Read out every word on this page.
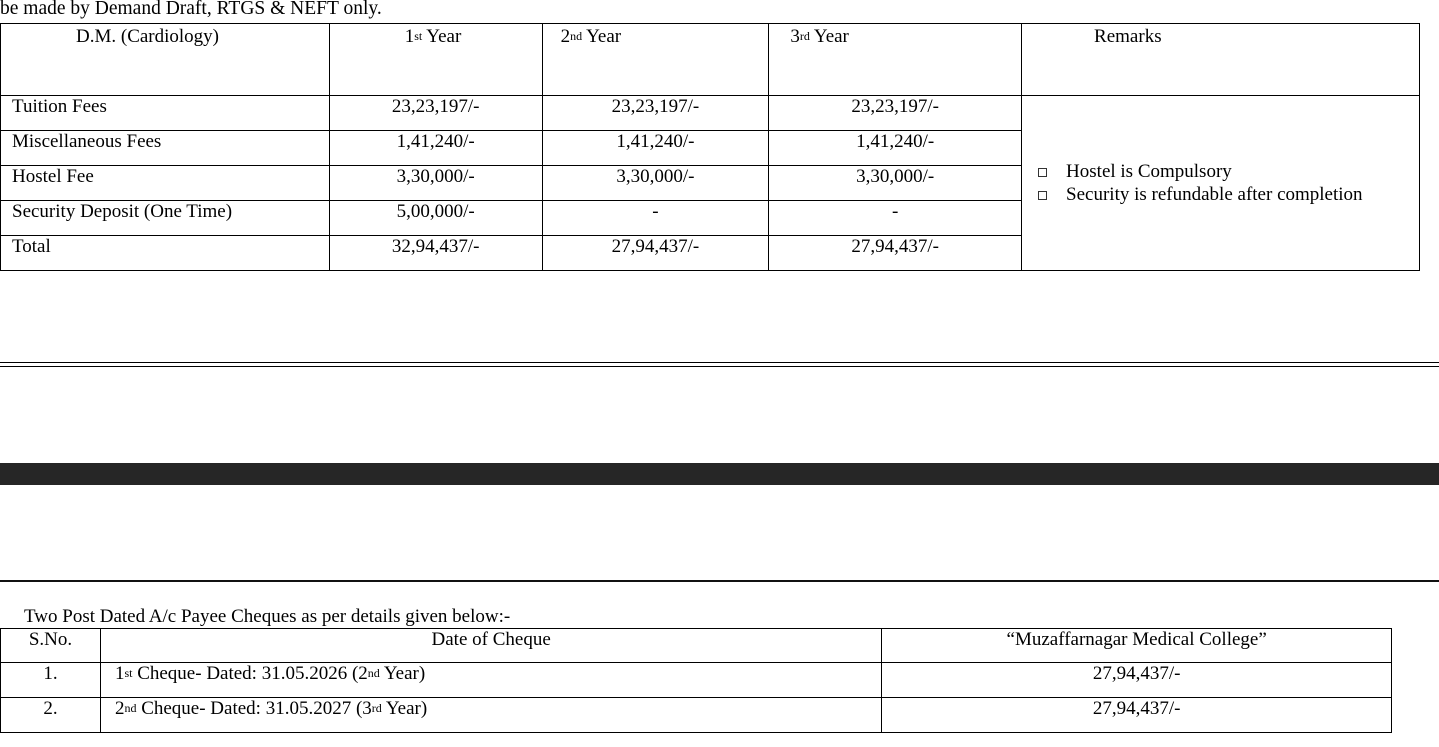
be made by Demand Draft, RTGS & NEFT only.
D.M. (Cardiology)	1st Year	2nd Year	3rd Year	Remarks

Tuition Fees	23,23,197/-	23,23,197/-	23,23,197/-	Hostel is Compulsory
Security is refundable after completion

Miscellaneous Fees	1,41,240/-	1,41,240/-	1,41,240/-	

Hostel Fee	3,30,000/-	3,30,000/-	3,30,000/-	

Security Deposit (One Time)	5,00,000/-	-	-	

Total	32,94,437/-	27,94,437/-	27,94,437/-	
Two Post Dated A/c Payee Cheques as per details given below:-
S.No.	Date of Cheque	“Muzaffarnagar Medical College”

1.	1st Cheque- Dated: 31.05.2026 (2nd Year)	27,94,437/-

2.	2nd Cheque- Dated: 31.05.2027 (3rd Year)	27,94,437/-
